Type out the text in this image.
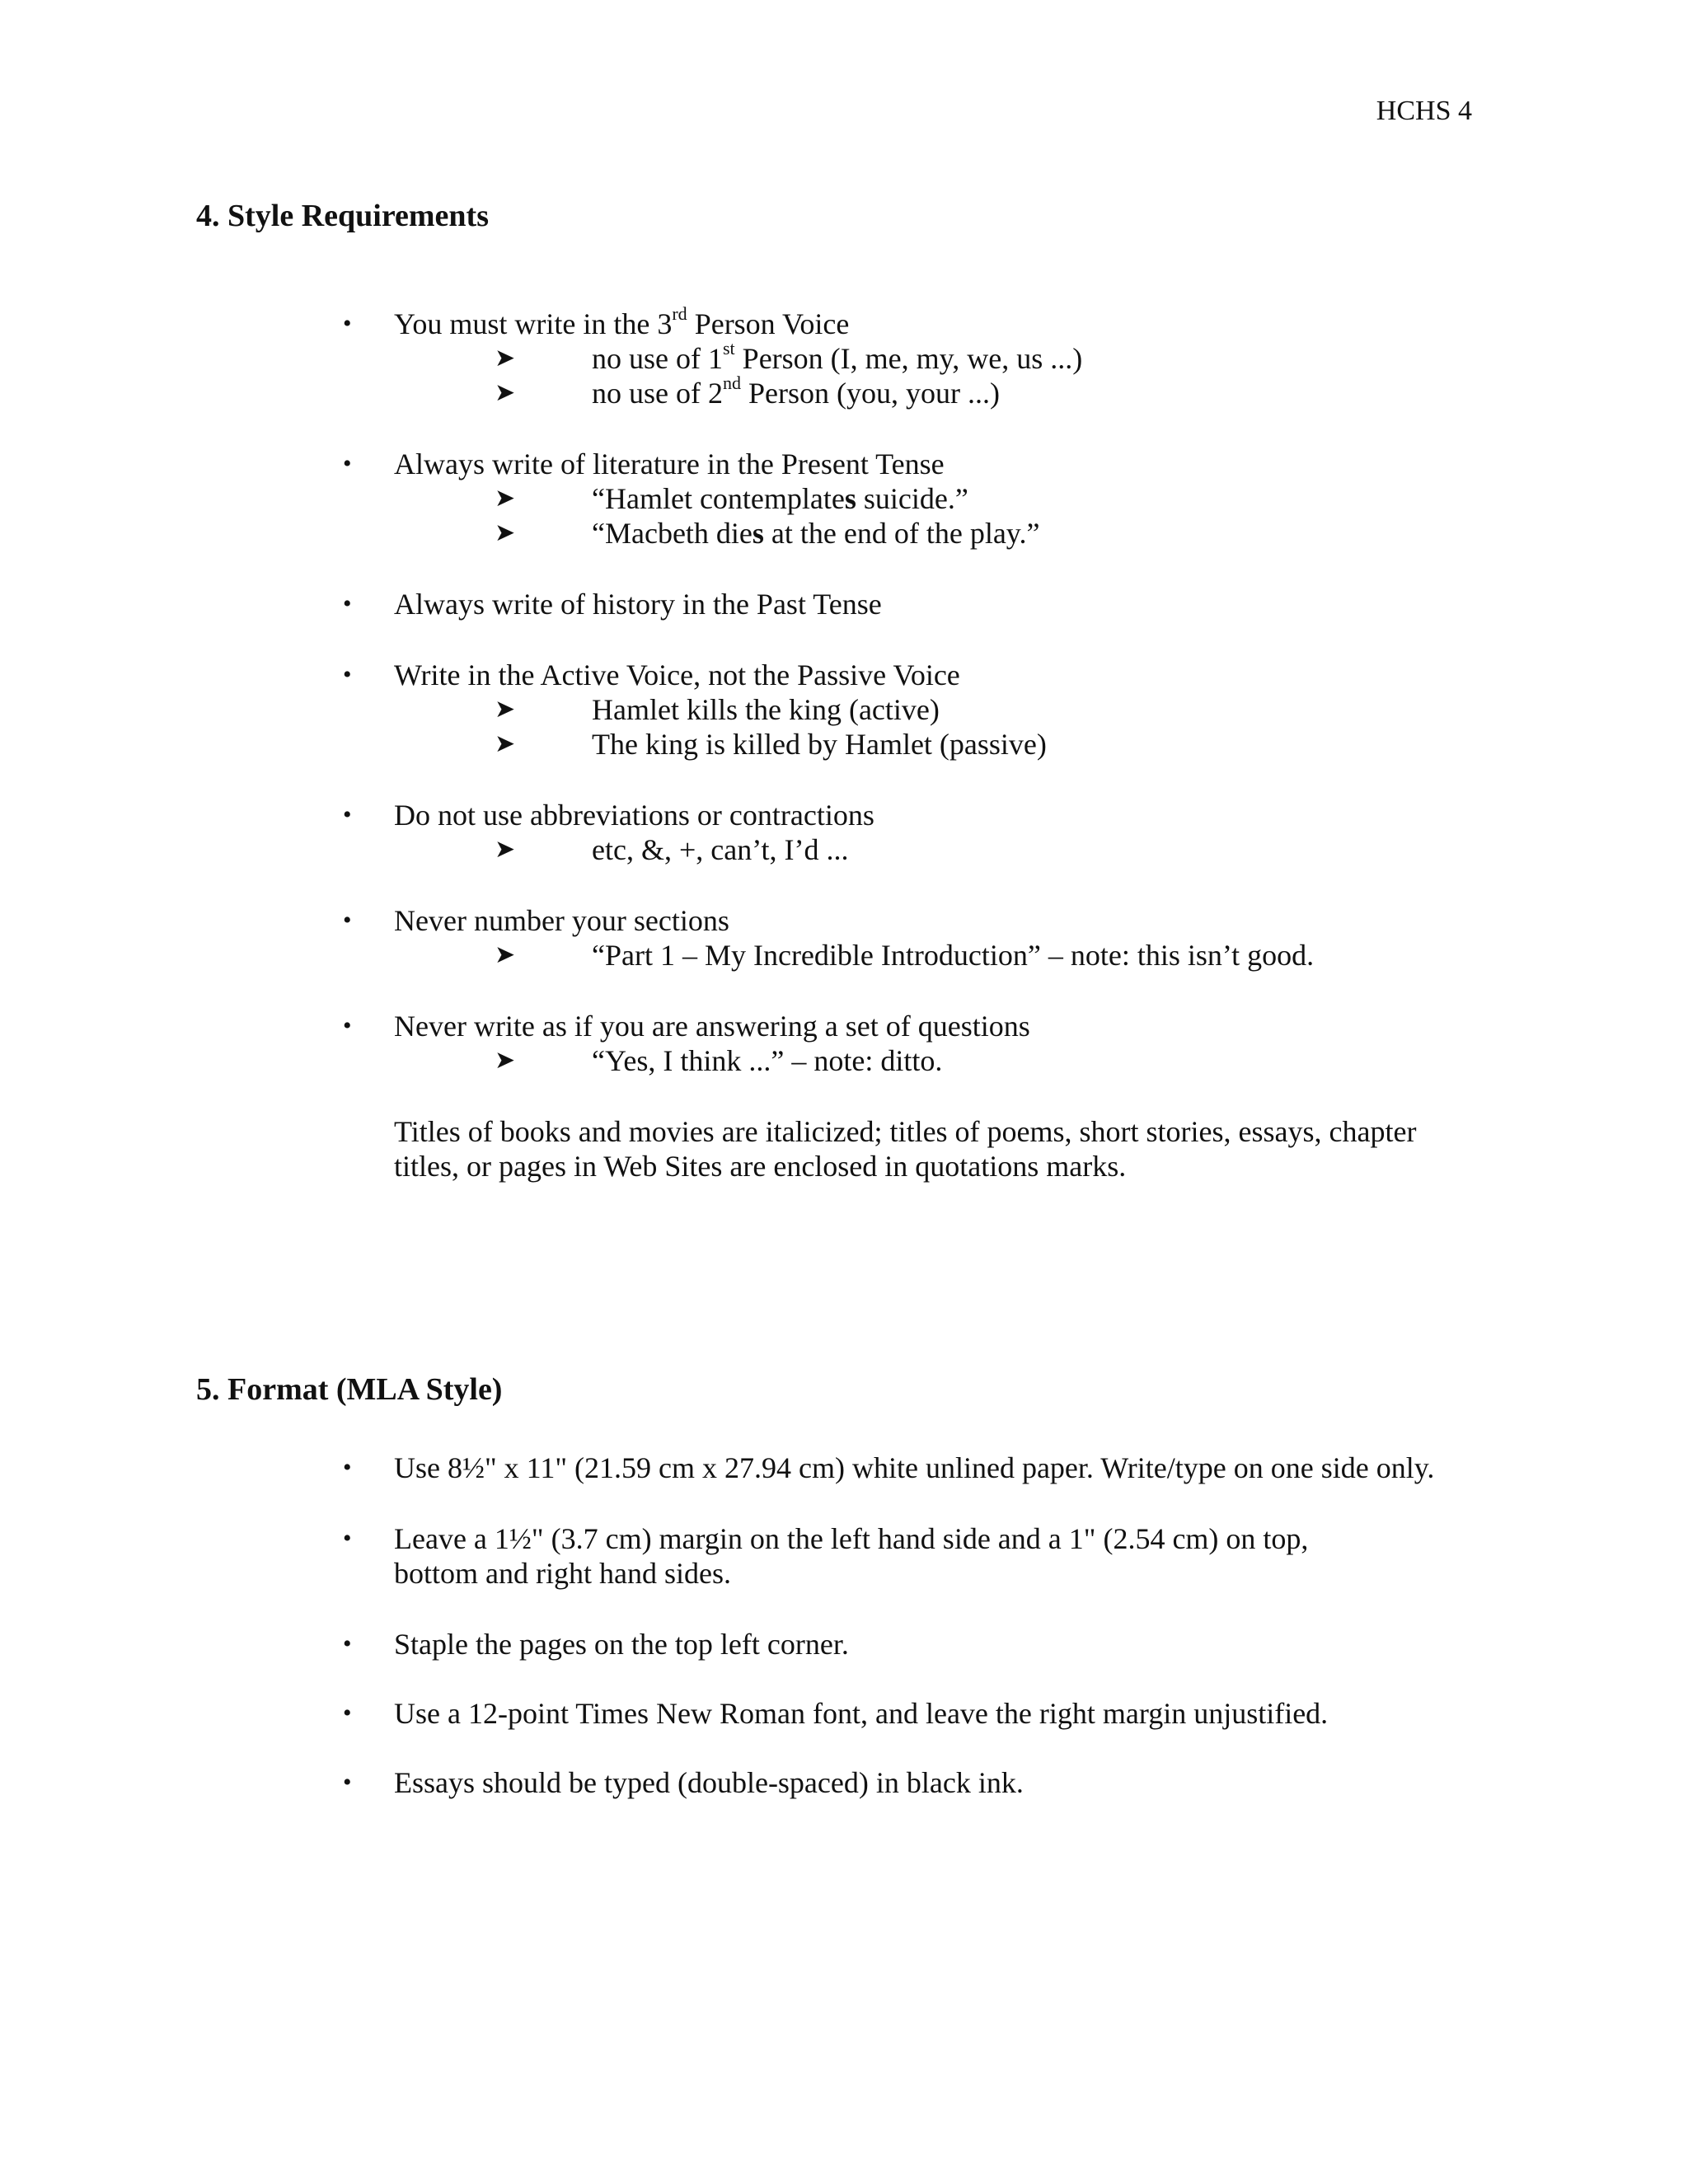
HCHS 4
4. Style Requirements
• You must write in the 3rd Person Voice
➤	no use of 1st Person (I, me, my, we, us ...)
➤	no use of 2nd Person (you, your ...)
• Always write of literature in the Present Tense
➤	“Hamlet contemplates suicide.”
➤	“Macbeth dies at the end of the play.”
• Always write of history in the Past Tense
• Write in the Active Voice, not the Passive Voice
➤	Hamlet kills the king (active)
➤	The king is killed by Hamlet (passive)
• Do not use abbreviations or contractions
➤	etc, &, +, can’t, I’d ...
• Never number your sections
➤	“Part 1 – My Incredible Introduction” – note: this isn’t good.
• Never write as if you are answering a set of questions
➤	“Yes, I think ...” – note: ditto.
Titles of books and movies are italicized; titles of poems, short stories, essays, chapter
titles, or pages in Web Sites are enclosed in quotations marks.
5. Format (MLA Style)
• Use 8½" x 11" (21.59 cm x 27.94 cm) white unlined paper. Write/type on one side only.
• Leave a 1½" (3.7 cm) margin on the left hand side and a 1" (2.54 cm) on top,
bottom and right hand sides.
• Staple the pages on the top left corner.
• Use a 12-point Times New Roman font, and leave the right margin unjustified.
• Essays should be typed (double-spaced) in black ink.
